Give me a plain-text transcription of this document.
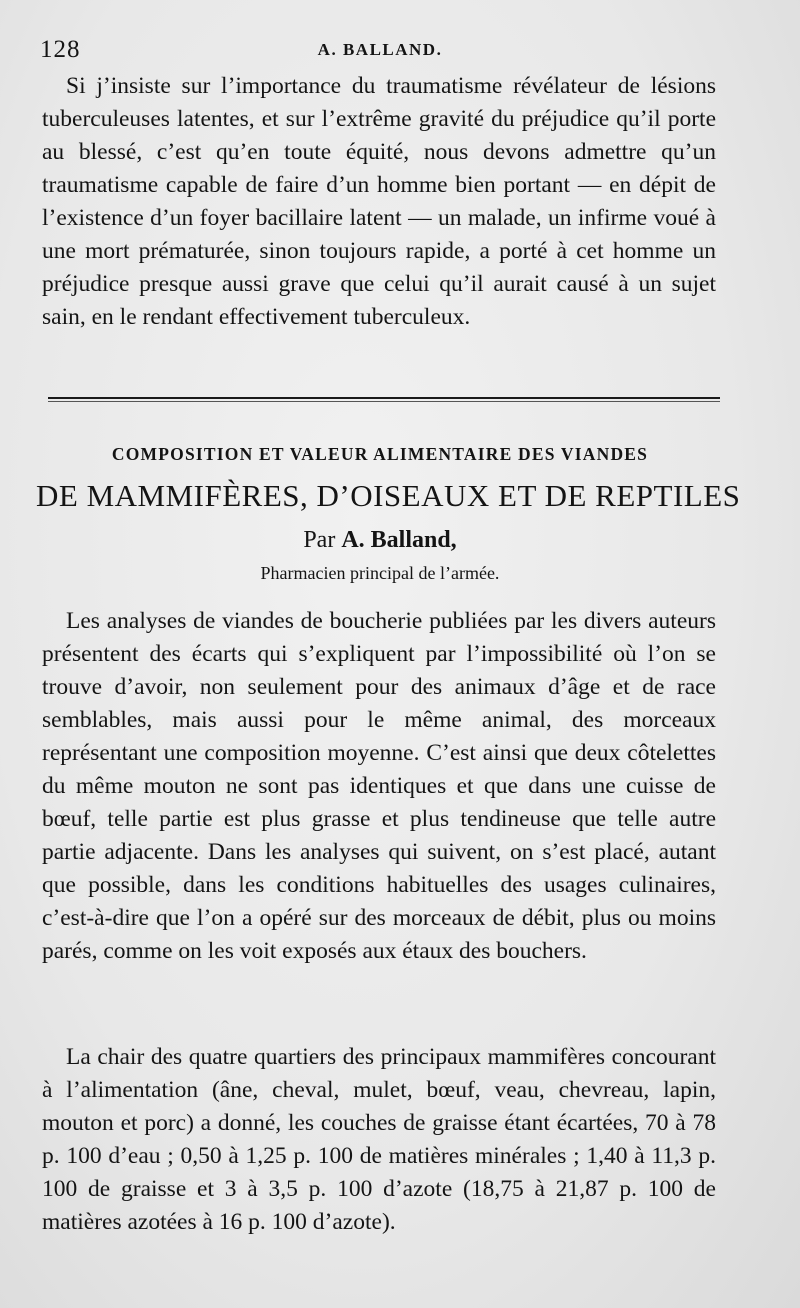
128	A. BALLAND.

Si j’insiste sur l’importance du traumatisme révélateur de lésions tuberculeuses latentes, et sur l’extrême gravité du préjudice qu’il porte au blessé, c’est qu’en toute équité, nous devons admettre qu’un traumatisme capable de faire d’un homme bien portant — en dépit de l’existence d’un foyer bacillaire latent — un malade, un infirme voué à une mort prématurée, sinon toujours rapide, a porté à cet homme un préjudice presque aussi grave que celui qu’il aurait causé à un sujet sain, en le rendant effectivement tuberculeux.

COMPOSITION ET VALEUR ALIMENTAIRE DES VIANDES
DE MAMMIFÈRES, D’OISEAUX ET DE REPTILES
Par A. Balland,
Pharmacien principal de l’armée.

Les analyses de viandes de boucherie publiées par les divers auteurs présentent des écarts qui s’expliquent par l’impossibilité où l’on se trouve d’avoir, non seulement pour des animaux d’âge et de race semblables, mais aussi pour le même animal, des morceaux représentant une composition moyenne. C’est ainsi que deux côtelettes du même mouton ne sont pas identiques et que dans une cuisse de bœuf, telle partie est plus grasse et plus tendineuse que telle autre partie adjacente. Dans les analyses qui suivent, on s’est placé, autant que possible, dans les conditions habituelles des usages culinaires, c’est-à-dire que l’on a opéré sur des morceaux de débit, plus ou moins parés, comme on les voit exposés aux étaux des bouchers.

La chair des quatre quartiers des principaux mammifères concourant à l’alimentation (âne, cheval, mulet, bœuf, veau, chevreau, lapin, mouton et porc) a donné, les couches de graisse étant écartées, 70 à 78 p. 100 d’eau ; 0,50 à 1,25 p. 100 de matières minérales ; 1,40 à 11,3 p. 100 de graisse et 3 à 3,5 p. 100 d’azote (18,75 à 21,87 p. 100 de matières azotées à 16 p. 100 d’azote).
